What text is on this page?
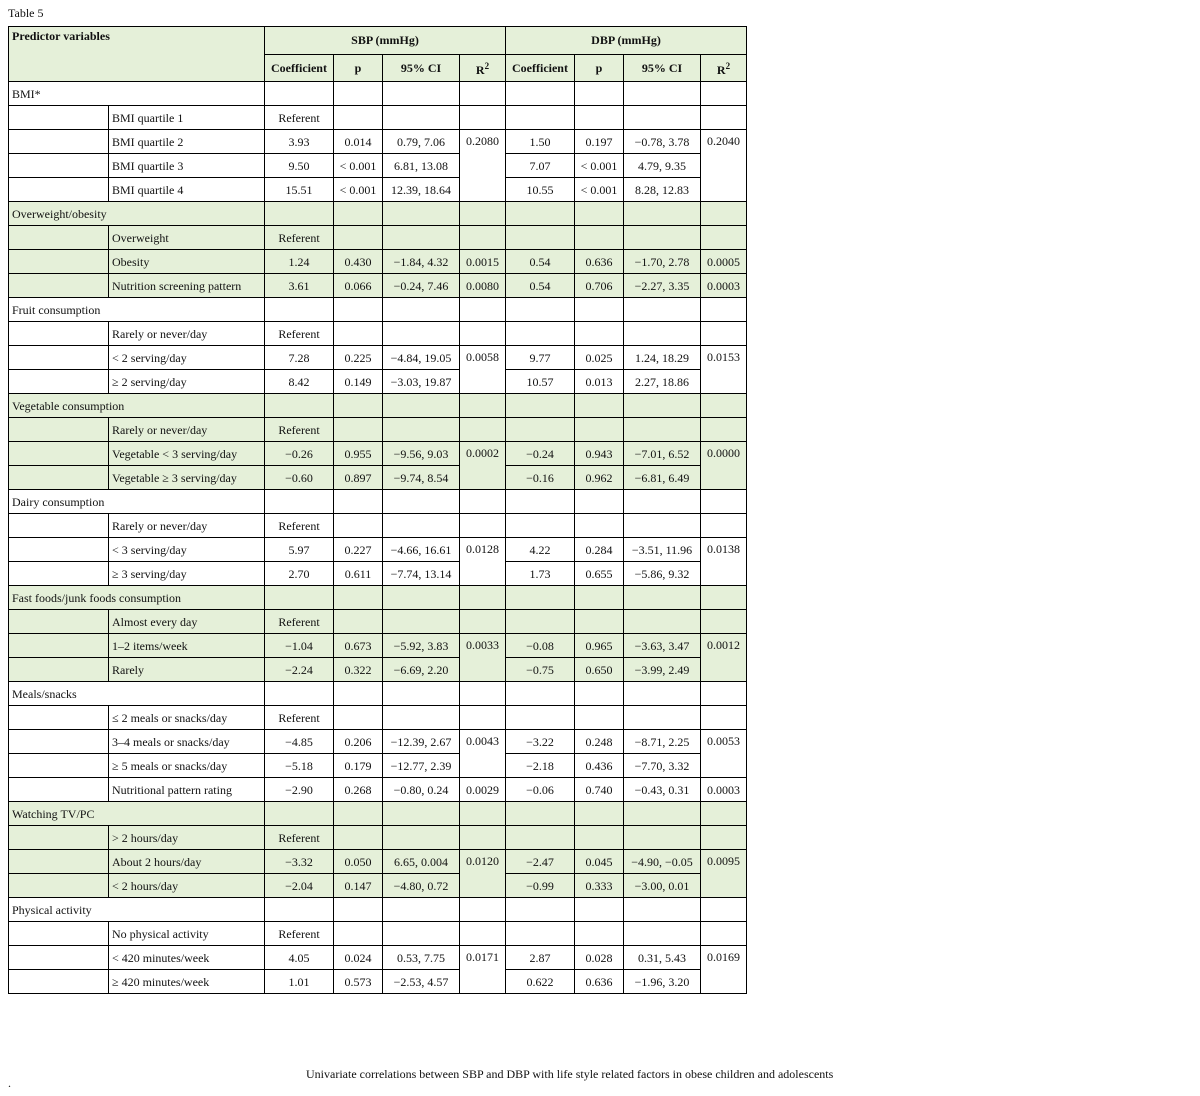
Table 5
Predictor variables		SBP (mmHg)				DBP (mmHg)			
		Coefficient	p	95% CI	$R^2$	Coefficient	p	95% CI	$R^2$
BMI*									
	BMI quartile 1	Referent							
	BMI quartile 2	3.93	0.014	0.79, 7.06	0.2080	1.50	0.197	−0.78, 3.78	0.2040
	BMI quartile 3	9.50	< 0.001	6.81, 13.08		7.07	< 0.001	4.79, 9.35	
	BMI quartile 4	15.51	< 0.001	12.39, 18.64		10.55	< 0.001	8.28, 12.83	
Overweight/obesity									
	Overweight	Referent							
	Obesity	1.24	0.430	−1.84, 4.32	0.0015	0.54	0.636	−1.70, 2.78	0.0005
	Nutrition screening pattern	3.61	0.066	−0.24, 7.46	0.0080	0.54	0.706	−2.27, 3.35	0.0003
Fruit consumption									
	Rarely or never/day	Referent							
	< 2 serving/day	7.28	0.225	−4.84, 19.05	0.0058	9.77	0.025	1.24, 18.29	0.0153
	≥ 2 serving/day	8.42	0.149	−3.03, 19.87		10.57	0.013	2.27, 18.86	
Vegetable consumption									
	Rarely or never/day	Referent							
	Vegetable < 3 serving/day	−0.26	0.955	−9.56, 9.03	0.0002	−0.24	0.943	−7.01, 6.52	0.0000
	Vegetable ≥ 3 serving/day	−0.60	0.897	−9.74, 8.54		−0.16	0.962	−6.81, 6.49	
Dairy consumption									
	Rarely or never/day	Referent							
	< 3 serving/day	5.97	0.227	−4.66, 16.61	0.0128	4.22	0.284	−3.51, 11.96	0.0138
	≥ 3 serving/day	2.70	0.611	−7.74, 13.14		1.73	0.655	−5.86, 9.32	
Fast foods/junk foods consumption									
	Almost every day	Referent							
	1–2 items/week	−1.04	0.673	−5.92, 3.83	0.0033	−0.08	0.965	−3.63, 3.47	0.0012
	Rarely	−2.24	0.322	−6.69, 2.20		−0.75	0.650	−3.99, 2.49	
Meals/snacks									
	≤ 2 meals or snacks/day	Referent							
	3–4 meals or snacks/day	−4.85	0.206	−12.39, 2.67	0.0043	−3.22	0.248	−8.71, 2.25	0.0053
	≥ 5 meals or snacks/day	−5.18	0.179	−12.77, 2.39		−2.18	0.436	−7.70, 3.32	
	Nutritional pattern rating	−2.90	0.268	−0.80, 0.24	0.0029	−0.06	0.740	−0.43, 0.31	0.0003
Watching TV/PC									
	> 2 hours/day	Referent							
	About 2 hours/day	−3.32	0.050	6.65, 0.004	0.0120	−2.47	0.045	−4.90, −0.05	0.0095
	< 2 hours/day	−2.04	0.147	−4.80, 0.72		−0.99	0.333	−3.00, 0.01	
Physical activity									
	No physical activity	Referent							
	< 420 minutes/week	4.05	0.024	0.53, 7.75	0.0171	2.87	0.028	0.31, 5.43	0.0169
	≥ 420 minutes/week	1.01	0.573	−2.53, 4.57		0.622	0.636	−1.96, 3.20	
Univariate correlations between SBP and DBP with life style related factors in obese children and adolescents
.
